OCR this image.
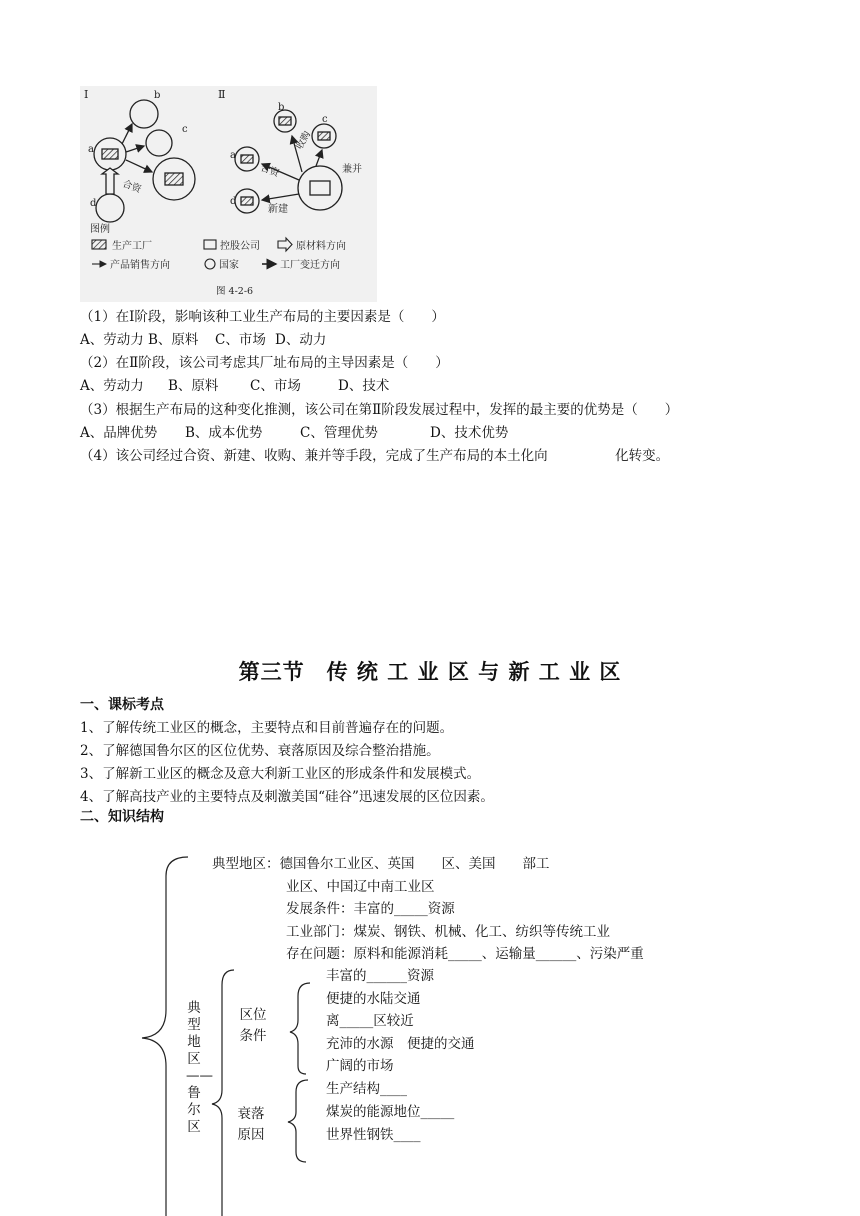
Ⅰ	Ⅱ
b
c
a
d
合资
b
c
a
d
收购
兼并
合资
新建
图例
生产工厂	控股公司	原材料方向
产品销售方向	国家	工厂变迁方向
图 4-2-6
（1）在Ⅰ阶段，影响该种工业生产布局的主要因素是（　　）
A、劳动力 B、原料 C、市场 D、动力
（2）在Ⅱ阶段，该公司考虑其厂址布局的主导因素是（　　）
A、劳动力 B、原料 C、市场	D、技术
（3）根据生产布局的这种变化推测，该公司在第Ⅱ阶段发展过程中，发挥的最主要的优势是（　　）
A、品牌优势 B、成本优势	C、管理优势	D、技术优势
（4）该公司经过合资、新建、收购、兼并等手段，完成了生产布局的本土化向　　　　　化转变。
第三节　传 统 工 业 区 与 新 工 业 区
一、课标考点
1、了解传统工业区的概念，主要特点和目前普遍存在的问题。
2、了解德国鲁尔区的区位优势、衰落原因及综合整治措施。
3、了解新工业区的概念及意大利新工业区的形成条件和发展模式。
4、了解高技产业的主要特点及刺激美国“硅谷”迅速发展的区位因素。
二、知识结构
典型地区：德国鲁尔工业区、英国　　区、美国　　部工
业区、中国辽中南工业区
发展条件：丰富的_____资源
工业部门：煤炭、钢铁、机械、化工、纺织等传统工业
存在问题：原料和能源消耗_____、运输量______、污染严重
典型地区——鲁尔区
区位条件
丰富的______资源
便捷的水陆交通
离_____区较近
充沛的水源　便捷的交通
广阔的市场
衰落原因
生产结构____
煤炭的能源地位_____
世界性钢铁____
